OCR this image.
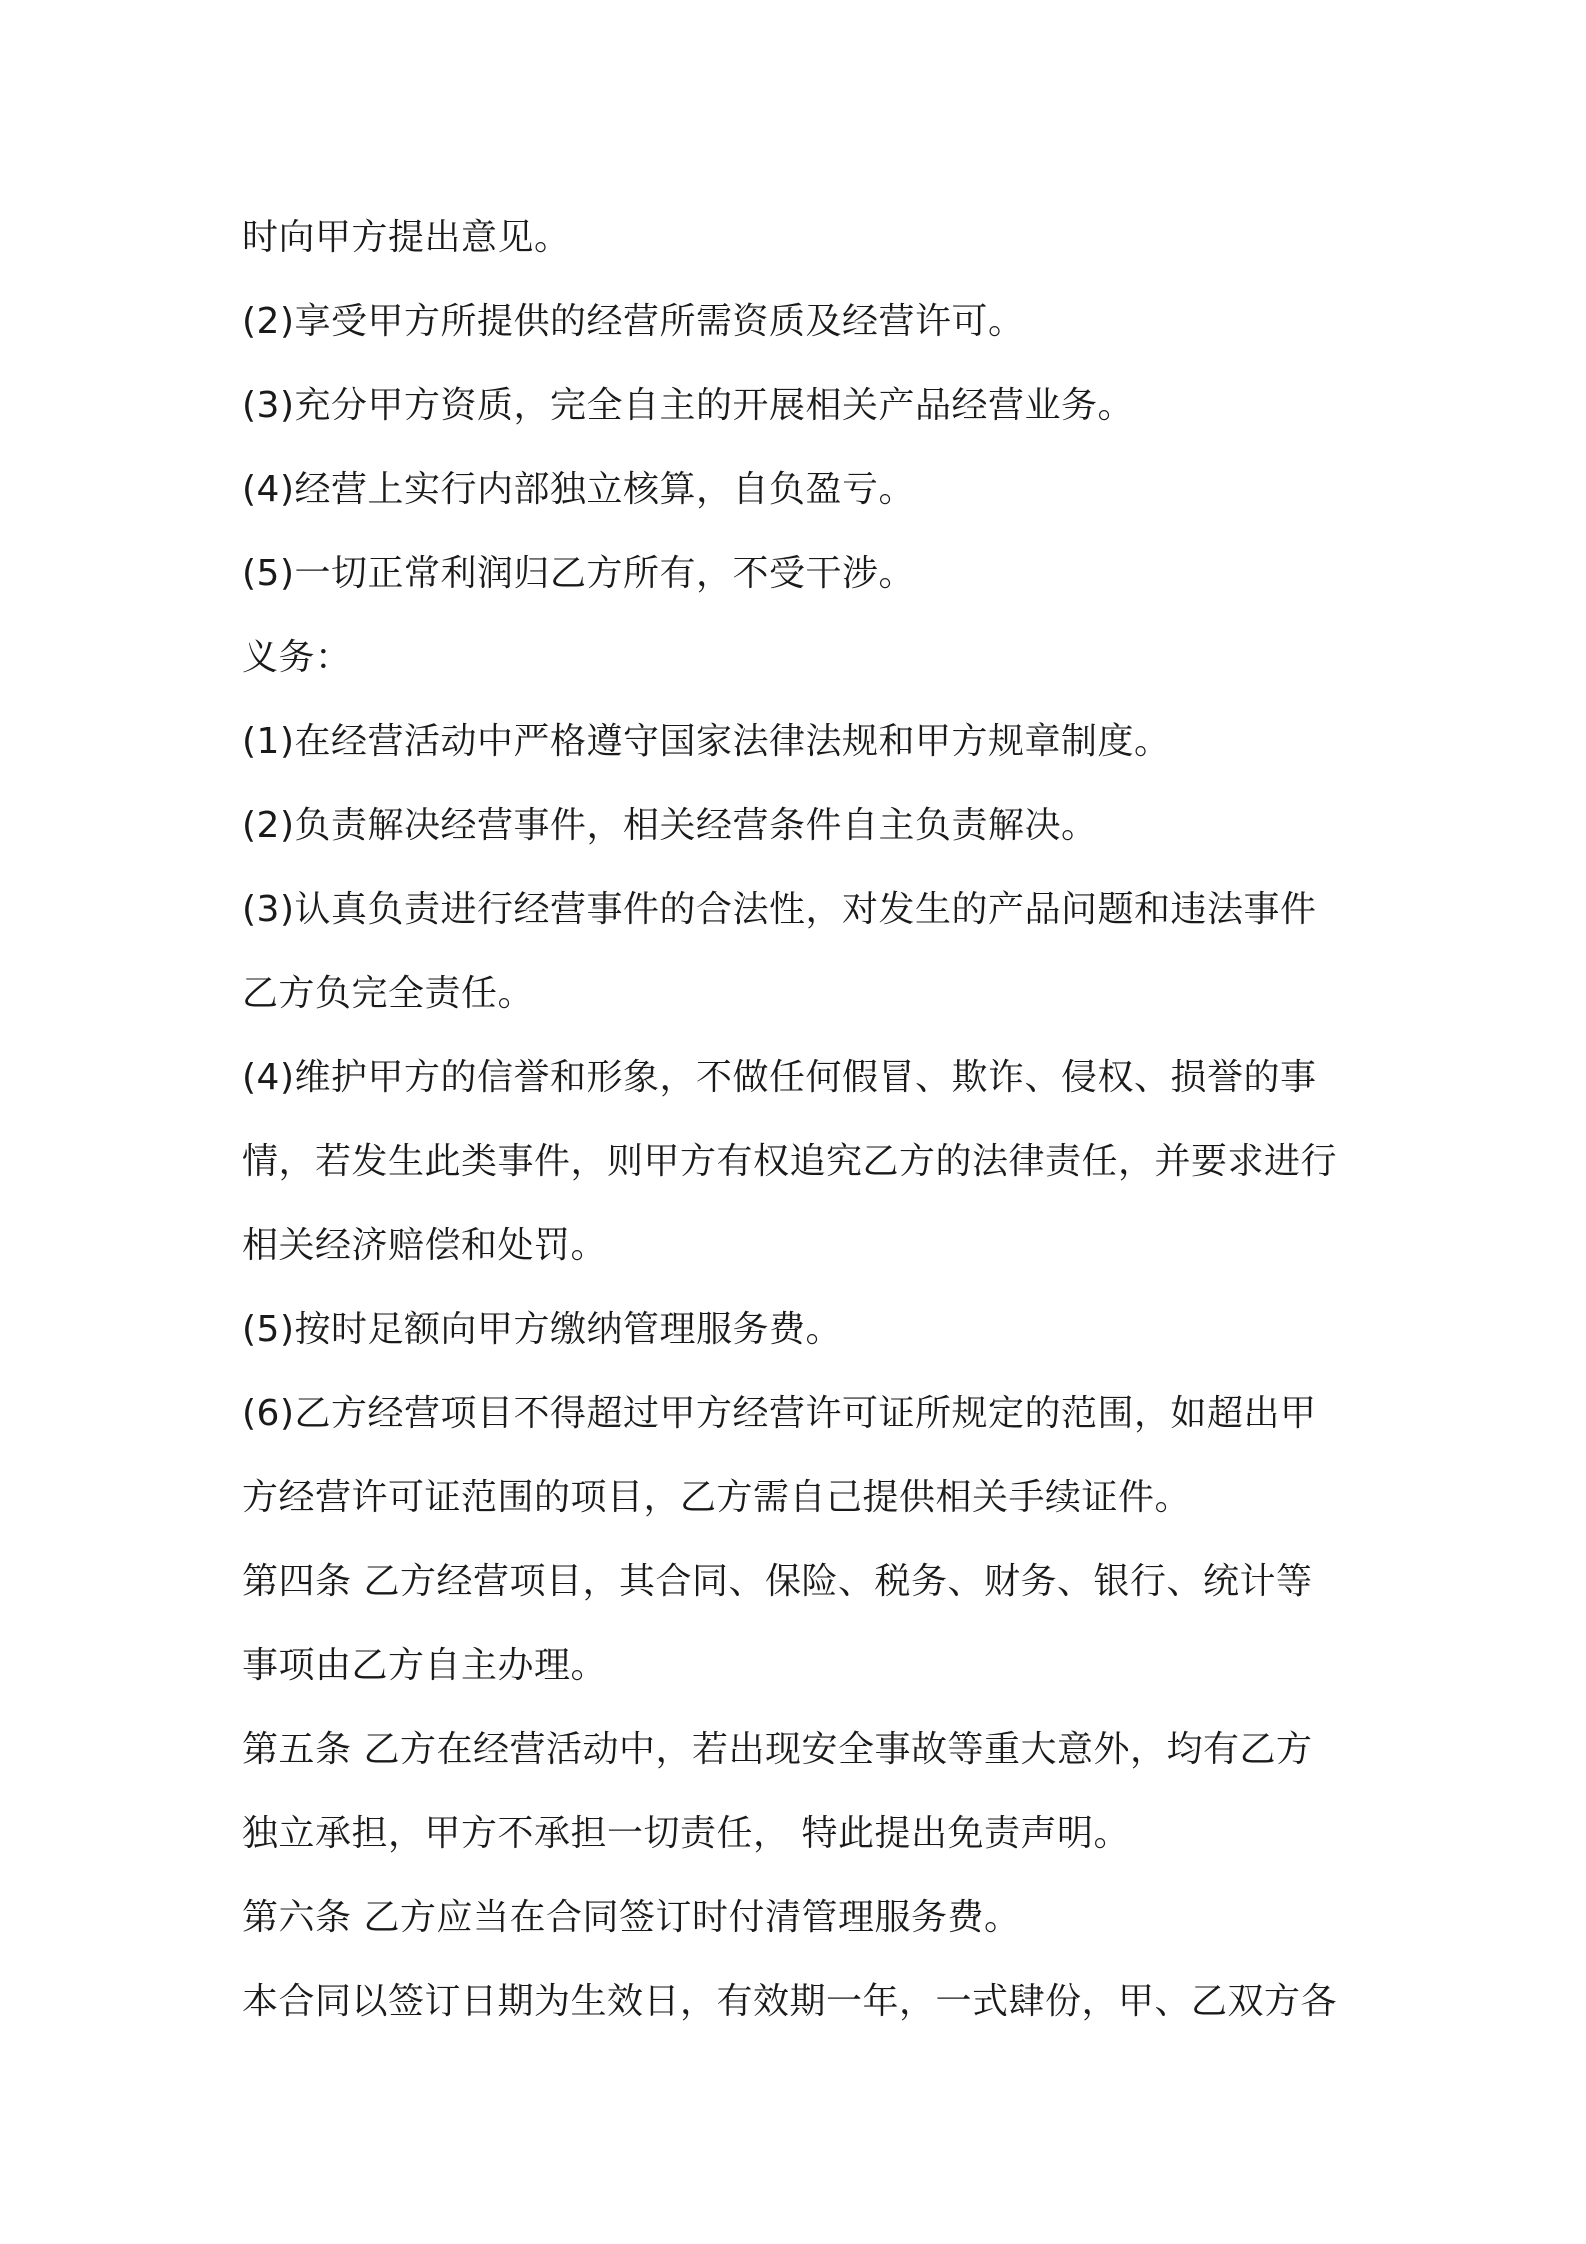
时向甲方提出意见。
(2)享受甲方所提供的经营所需资质及经营许可。
(3)充分甲方资质，完全自主的开展相关产品经营业务。
(4)经营上实行内部独立核算，自负盈亏。
(5)一切正常利润归乙方所有，不受干涉。
义务：
(1)在经营活动中严格遵守国家法律法规和甲方规章制度。
(2)负责解决经营事件，相关经营条件自主负责解决。
(3)认真负责进行经营事件的合法性，对发生的产品问题和违法事件
乙方负完全责任。
(4)维护甲方的信誉和形象，不做任何假冒、欺诈、侵权、损誉的事
情，若发生此类事件，则甲方有权追究乙方的法律责任，并要求进行
相关经济赔偿和处罚。
(5)按时足额向甲方缴纳管理服务费。
(6)乙方经营项目不得超过甲方经营许可证所规定的范围，如超出甲
方经营许可证范围的项目，乙方需自己提供相关手续证件。
第四条 乙方经营项目，其合同、保险、税务、财务、银行、统计等
事项由乙方自主办理。
第五条 乙方在经营活动中，若出现安全事故等重大意外，均有乙方
独立承担，甲方不承担一切责任， 特此提出免责声明。
第六条 乙方应当在合同签订时付清管理服务费。
本合同以签订日期为生效日，有效期一年，一式肆份，甲、乙双方各
